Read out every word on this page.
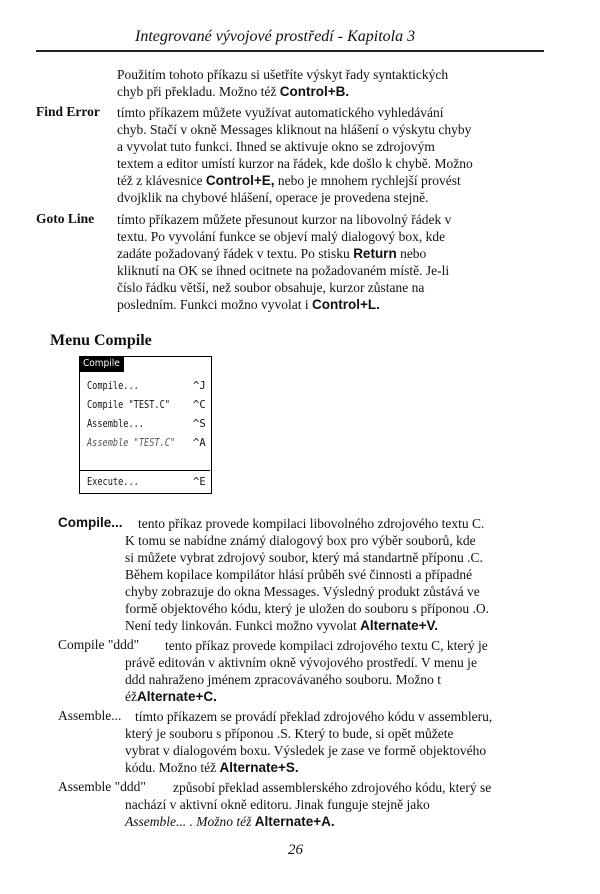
Integrované vývojové prostředí - Kapitola 3
Použitím tohoto příkazu si ušetříte výskyt řady syntaktických
chyb při překladu. Možno též Control+B.
Find Error tímto příkazem můžete využívat automatického vyhledávání
chyb. Stačí v okně Messages kliknout na hlášení o výskytu chyby
a vyvolat tuto funkci. Ihned se aktivuje okno se zdrojovým
textem a editor umístí kurzor na řádek, kde došlo k chybě. Možno
též z klávesnice Control+E, nebo je mnohem rychlejší provést
dvojklik na chybové hlášení, operace je provedena stejně.
Goto Line tímto příkazem můžete přesunout kurzor na libovolný řádek v
textu. Po vyvolání funkce se objeví malý dialogový box, kde
zadáte požadovaný řádek v textu. Po stisku Return nebo
kliknutí na OK se ihned ocitnete na požadovaném místě. Je-li
číslo řádku větší, než soubor obsahuje, kurzor zůstane na
posledním. Funkci možno vyvolat i Control+L.
Menu Compile
Compile
Compile...	^J
Compile "TEST.C" ^C
Assemble...	^S
Assemble "TEST.C" ^A
Execute...	^E
Compile... tento příkaz provede kompilaci libovolného zdrojového textu C.
K tomu se nabídne známý dialogový box pro výběr souborů, kde
si můžete vybrat zdrojový soubor, který má standartně příponu .C.
Během kopilace kompilátor hlásí průběh své činnosti a případné
chyby zobrazuje do okna Messages. Výsledný produkt zůstává ve
formě objektového kódu, který je uložen do souboru s příponou .O.
Není tedy linkován. Funkci možno vyvolat Alternate+V.
Compile "ddd" tento příkaz provede kompilaci zdrojového textu C, který je
právě editován v aktivním okně vývojového prostředí. V menu je
ddd nahraženo jménem zpracovávaného souboru. Možno t
éžAlternate+C.
Assemble... tímto příkazem se provádí překlad zdrojového kódu v assembleru,
který je souboru s příponou .S. Který to bude, si opět můžete
vybrat v dialogovém boxu. Výsledek je zase ve formě objektového
kódu. Možno též Alternate+S.
Assemble "ddd" způsobí překlad assemblerského zdrojového kódu, který se
nachází v aktivní okně editoru. Jinak funguje stejně jako
Assemble... . Možno též Alternate+A.
26
